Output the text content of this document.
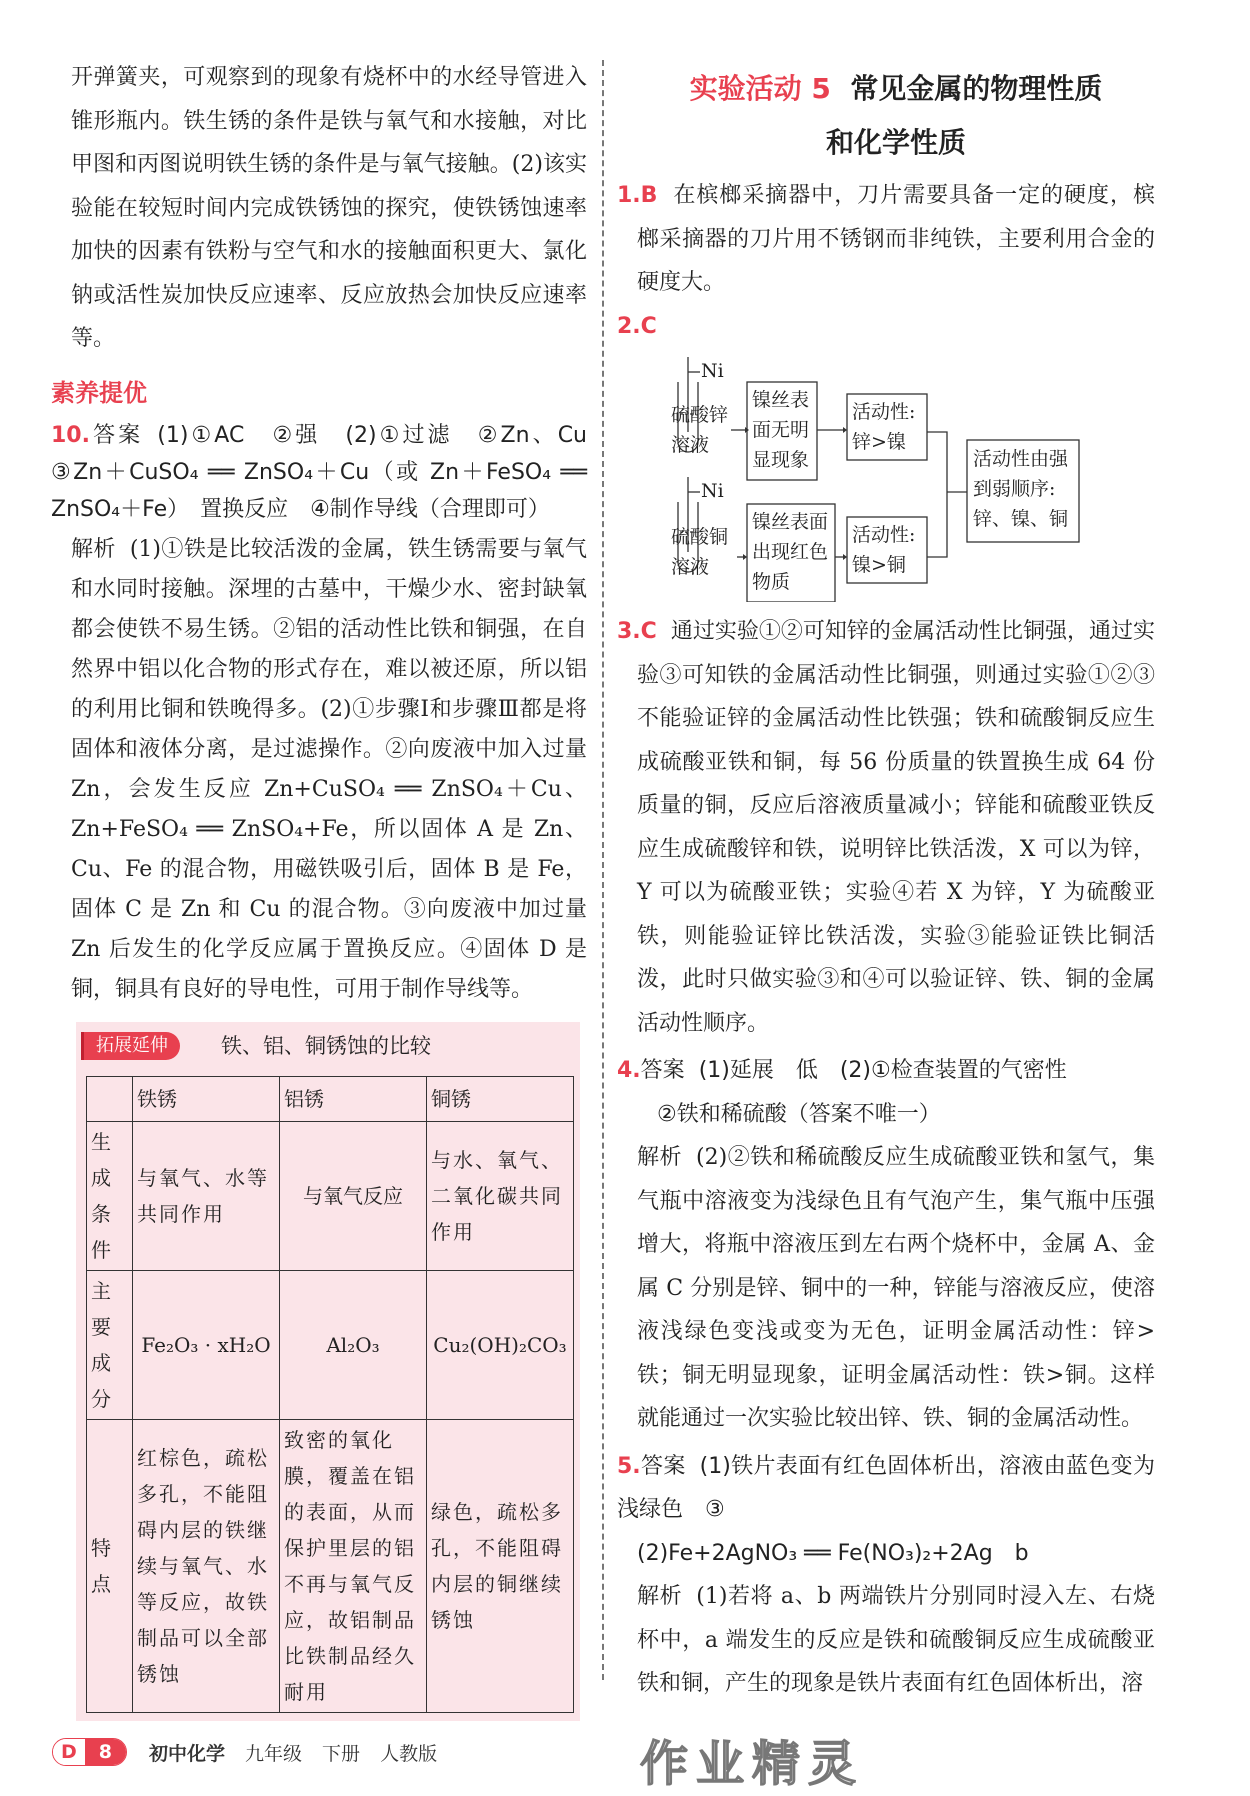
开弹簧夹，可观察到的现象有烧杯中的水经导管进入锥形瓶内。铁生锈的条件是铁与氧气和水接触，对比甲图和丙图说明铁生锈的条件是与氧气接触。(2)该实验能在较短时间内完成铁锈蚀的探究，使铁锈蚀速率加快的因素有铁粉与空气和水的接触面积更大、氯化钠或活性炭加快反应速率、反应放热会加快反应速率等。

素养提优

10.答案 (1)①AC　②强　(2)①过滤　②Zn、Cu　③Zn＋CuSO₄ ══ ZnSO₄＋Cu（或 Zn＋FeSO₄ ══ ZnSO₄＋Fe）　置换反应　④制作导线（合理即可）

解析 (1)①铁是比较活泼的金属，铁生锈需要与氧气和水同时接触。深埋的古墓中，干燥少水、密封缺氧都会使铁不易生锈。②铝的活动性比铁和铜强，在自然界中铝以化合物的形式存在，难以被还原，所以铝的利用比铜和铁晚得多。(2)①步骤Ⅰ和步骤Ⅲ都是将固体和液体分离，是过滤操作。②向废液中加入过量 Zn，会发生反应 Zn+CuSO₄ ══ ZnSO₄＋Cu、Zn+FeSO₄ ══ ZnSO₄+Fe，所以固体 A 是 Zn、Cu、Fe 的混合物，用磁铁吸引后，固体 B 是 Fe，固体 C 是 Zn 和 Cu 的混合物。③向废液中加过量 Zn 后发生的化学反应属于置换反应。④固体 D 是铜，铜具有良好的导电性，可用于制作导线等。

拓展延伸	铁、铝、铜锈蚀的比较
	铁锈	铝锈	铜锈
生成条件	与氧气、水等共同作用	与氧气反应	与水、氧气、二氧化碳共同作用
主要成分	Fe₂O₃ · xH₂O	Al₂O₃	Cu₂(OH)₂CO₃
特点	红棕色，疏松多孔，不能阻碍内层的铁继续与氧气、水等反应，故铁制品可以全部锈蚀	致密的氧化膜，覆盖在铝的表面，从而保护里层的铝不再与氧气反应，故铝制品比铁制品经久耐用	绿色，疏松多孔，不能阻碍内层的铜继续锈蚀
实验活动 5 常见金属的物理性质
和化学性质

1.B 在槟榔采摘器中，刀片需要具备一定的硬度，槟榔采摘器的刀片用不锈钢而非纯铁，主要利用合金的硬度大。

2.C

Ni
硫酸锌
溶液
镍丝表
面无明
显现象
活动性:
锌>镍
Ni
硫酸铜
溶液
镍丝表面
出现红色
物质
活动性:
镍>铜
活动性由强
到弱顺序:
锌、镍、铜

3.C 通过实验①②可知锌的金属活动性比铜强，通过实验③可知铁的金属活动性比铜强，则通过实验①②③不能验证锌的金属活动性比铁强；铁和硫酸铜反应生成硫酸亚铁和铜，每 56 份质量的铁置换生成 64 份质量的铜，反应后溶液质量减小；锌能和硫酸亚铁反应生成硫酸锌和铁，说明锌比铁活泼，X 可以为锌，Y 可以为硫酸亚铁；实验④若 X 为锌，Y 为硫酸亚铁，则能验证锌比铁活泼，实验③能验证铁比铜活泼，此时只做实验③和④可以验证锌、铁、铜的金属活动性顺序。

4.答案 (1)延展　低　(2)①检查装置的气密性
②铁和稀硫酸（答案不唯一）

解析 (2)②铁和稀硫酸反应生成硫酸亚铁和氢气，集气瓶中溶液变为浅绿色且有气泡产生，集气瓶中压强增大，将瓶中溶液压到左右两个烧杯中，金属 A、金属 C 分别是锌、铜中的一种，锌能与溶液反应，使溶液浅绿色变浅或变为无色，证明金属活动性：锌>铁；铜无明显现象，证明金属活动性：铁>铜。这样就能通过一次实验比较出锌、铁、铜的金属活动性。

5.答案 (1)铁片表面有红色固体析出，溶液由蓝色变为浅绿色　③
(2)Fe+2AgNO₃ ══ Fe(NO₃)₂+2Ag　b

解析 (1)若将 a、b 两端铁片分别同时浸入左、右烧杯中，a 端发生的反应是铁和硫酸铜反应生成硫酸亚铁和铜，产生的现象是铁片表面有红色固体析出，溶

作业精灵
D	8	初中化学 九年级 下册 人教版
